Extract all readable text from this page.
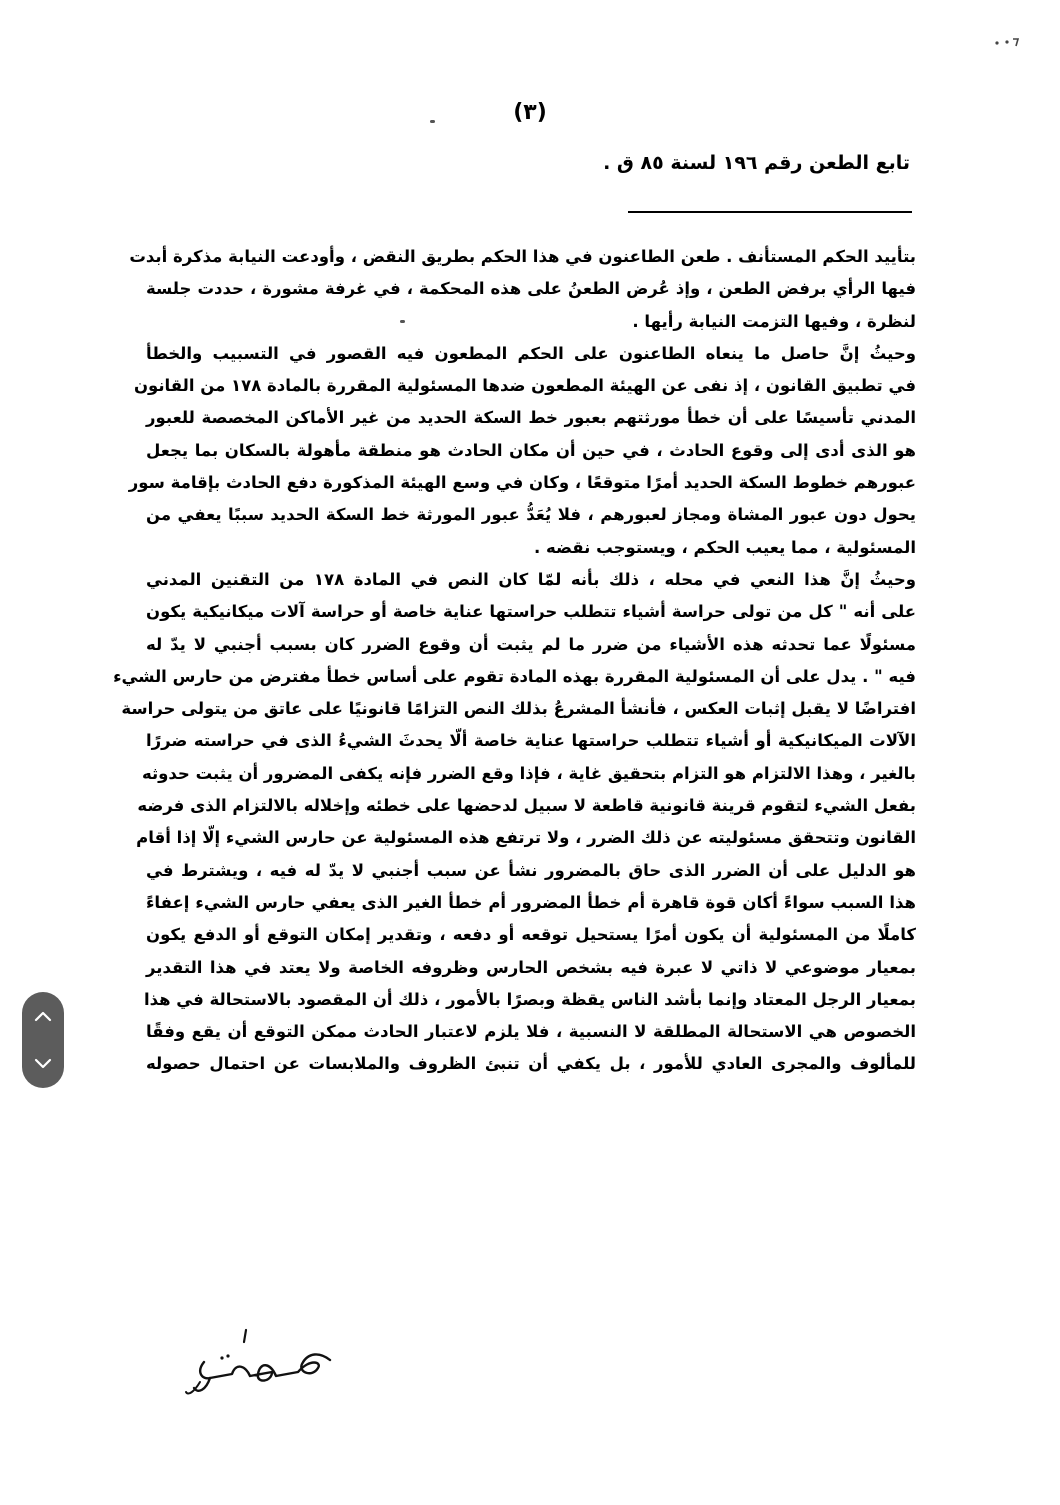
(٣)
تابع الطعن رقم ١٩٦ لسنة ٨٥ ق .
بتأييد الحكم المستأنف . طعن الطاعنون في هذا الحكم بطريق النقض ، وأودعت النيابة مذكرة أبدت
فيها الرأي برفض الطعن ، وإذ عُرض الطعنُ على هذه المحكمة ، في غرفة مشورة ، حددت جلسة
لنظرة ، وفيها التزمت النيابة رأيها .
وحيثُ إنَّ حاصل ما ينعاه الطاعنون على الحكم المطعون فيه القصور في التسبيب والخطأ
في تطبيق القانون ، إذ نفى عن الهيئة المطعون ضدها المسئولية المقررة بالمادة ١٧٨ من القانون
المدني تأسيسًا على أن خطأ مورثتهم بعبور خط السكة الحديد من غير الأماكن المخصصة للعبور
هو الذى أدى إلى وقوع الحادث ، في حين أن مكان الحادث هو منطقة مأهولة بالسكان بما يجعل
عبورهم خطوط السكة الحديد أمرًا متوقعًا ، وكان في وسع الهيئة المذكورة دفع الحادث بإقامة سور
يحول دون عبور المشاة ومجاز لعبورهم ، فلا يُعَدُّ عبور المورثة خط السكة الحديد سببًا يعفي من
المسئولية ، مما يعيب الحكم ، ويستوجب نقضه .
وحيثُ إنَّ هذا النعي في محله ، ذلك بأنه لمّا كان النص في المادة ١٧٨ من التقنين المدني
على أنه " كل من تولى حراسة أشياء تتطلب حراستها عناية خاصة أو حراسة آلات ميكانيكية يكون
مسئولًا عما تحدثه هذه الأشياء من ضرر ما لم يثبت أن وقوع الضرر كان بسبب أجنبي لا يدّ له
فيه " . يدل على أن المسئولية المقررة بهذه المادة تقوم على أساس خطأ مفترض من حارس الشيء
افتراضًا لا يقبل إثبات العكس ، فأنشأ المشرعُ بذلك النص التزامًا قانونيًا على عاتق من يتولى حراسة
الآلات الميكانيكية أو أشياء تتطلب حراستها عناية خاصة ألّا يحدثَ الشيءُ الذى في حراسته ضررًا
بالغير ، وهذا الالتزام هو التزام بتحقيق غاية ، فإذا وقع الضرر فإنه يكفى المضرور أن يثبت حدوثه
بفعل الشيء لتقوم قرينة قانونية قاطعة لا سبيل لدحضها على خطئه وإخلاله بالالتزام الذى فرضه
القانون وتتحقق مسئوليته عن ذلك الضرر ، ولا ترتفع هذه المسئولية عن حارس الشيء إلّا إذا أقام
هو الدليل على أن الضرر الذى حاق بالمضرور نشأ عن سبب أجنبي لا يدّ له فيه ، ويشترط في
هذا السبب سواءً أكان قوة قاهرة أم خطأ المضرور أم خطأ الغير الذى يعفي حارس الشيء إعفاءً
كاملًا من المسئولية أن يكون أمرًا يستحيل توقعه أو دفعه ، وتقدير إمكان التوقع أو الدفع يكون
بمعيار موضوعي لا ذاتي لا عبرة فيه بشخص الحارس وظروفه الخاصة ولا يعتد في هذا التقدير
بمعيار الرجل المعتاد وإنما بأشد الناس يقظة وبصرًا بالأمور ، ذلك أن المقصود بالاستحالة في هذا
الخصوص هي الاستحالة المطلقة لا النسبية ، فلا يلزم لاعتبار الحادث ممكن التوقع أن يقع وفقًا
للمألوف والمجرى العادي للأمور ، بل يكفي أن تنبئ الظروف والملابسات عن احتمال حصوله
